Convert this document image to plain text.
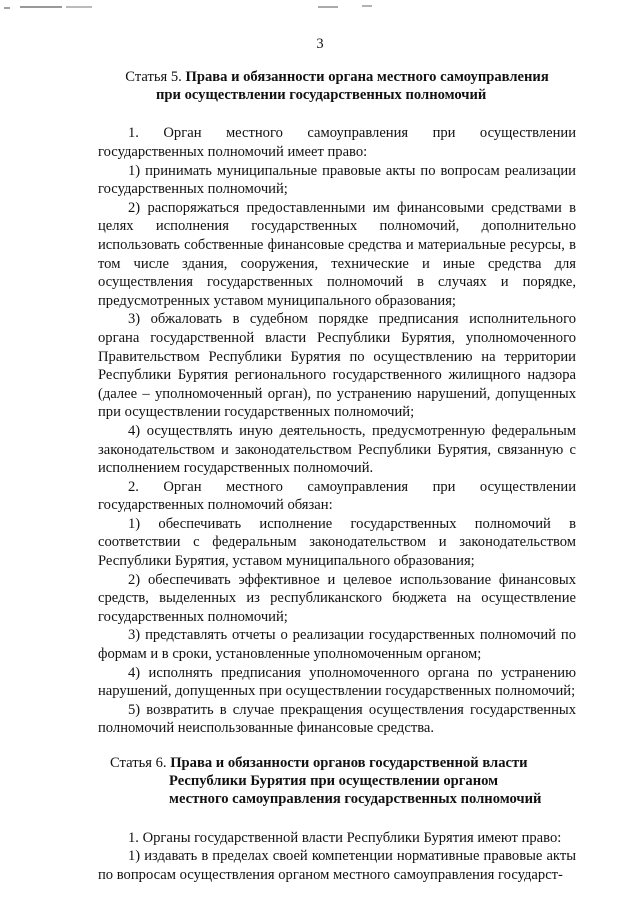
3
Статья 5. Права и обязанности органа местного самоуправления
при осуществлении государственных полномочий

1. Орган местного самоуправления при осуществлении государственных полномочий имеет право:

1) принимать муниципальные правовые акты по вопросам реализации государственных полномочий;

2) распоряжаться предоставленными им финансовыми средствами в целях исполнения государственных полномочий, дополнительно использовать собственные финансовые средства и материальные ресурсы, в том числе здания, сооружения, технические и иные средства для осуществления государственных полномочий в случаях и порядке, предусмотренных уставом муниципального образования;

3) обжаловать в судебном порядке предписания исполнительного органа государственной власти Республики Бурятия, уполномоченного Правительством Республики Бурятия по осуществлению на территории Республики Бурятия регионального государственного жилищного надзора (далее – уполномоченный орган), по устранению нарушений, допущенных при осуществлении государственных полномочий;

4) осуществлять иную деятельность, предусмотренную федеральным законодательством и законодательством Республики Бурятия, связанную с исполнением государственных полномочий.

2. Орган местного самоуправления при осуществлении государственных полномочий обязан:

1) обеспечивать исполнение государственных полномочий в соответствии с федеральным законодательством и законодательством Республики Бурятия, уставом муниципального образования;

2) обеспечивать эффективное и целевое использование финансовых средств, выделенных из республиканского бюджета на осуществление государственных полномочий;

3) представлять отчеты о реализации государственных полномочий по формам и в сроки, установленные уполномоченным органом;

4) исполнять предписания уполномоченного органа по устранению нарушений, допущенных при осуществлении государственных полномочий;

5) возвратить в случае прекращения осуществления государственных полномочий неиспользованные финансовые средства.

Статья 6. Права и обязанности органов государственной власти
Республики Бурятия при осуществлении органом
местного самоуправления государственных полномочий

1. Органы государственной власти Республики Бурятия имеют право:

1) издавать в пределах своей компетенции нормативные правовые акты по вопросам осуществления органом местного самоуправления государст-
